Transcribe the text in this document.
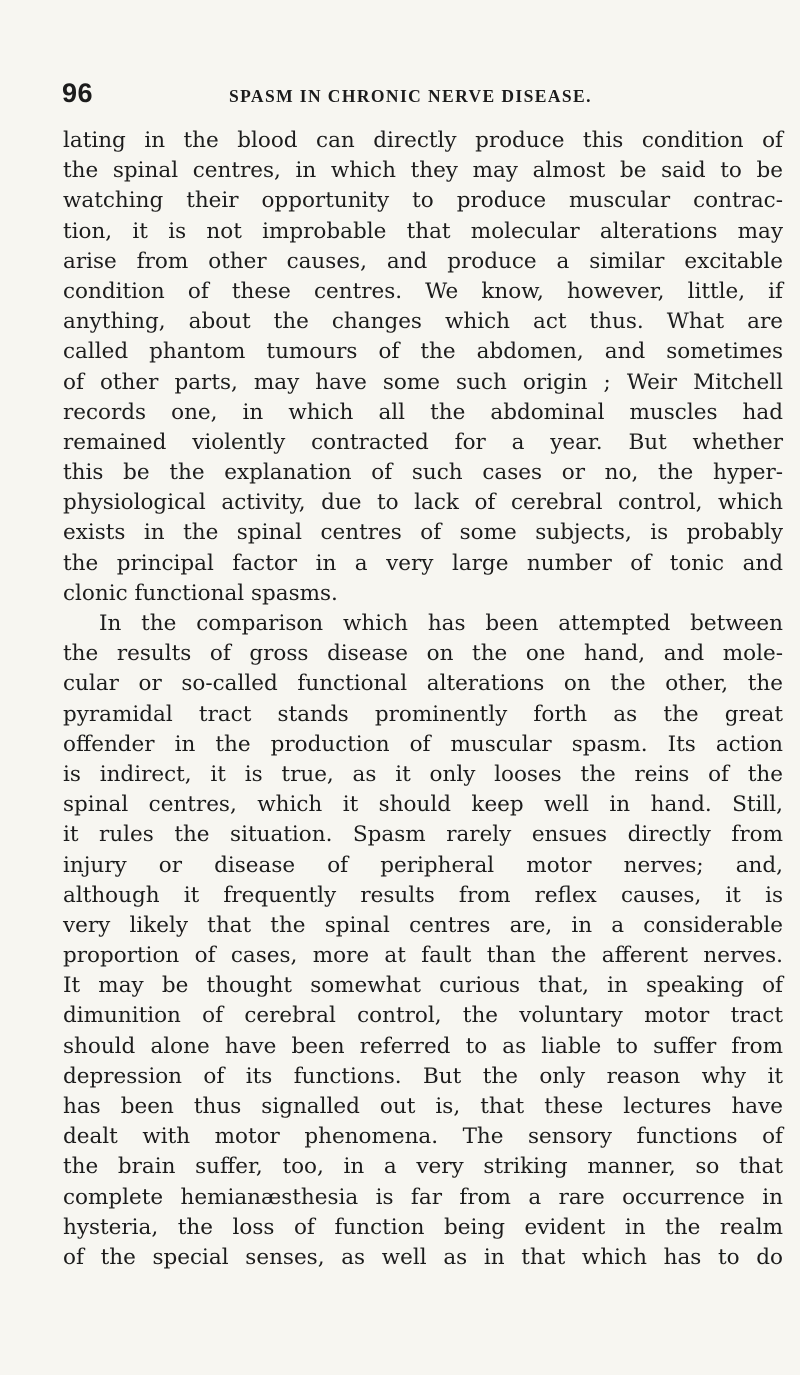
96	SPASM IN CHRONIC NERVE DISEASE.
lating in the blood can directly produce this condition of
the spinal centres, in which they may almost be said to be
watching their opportunity to produce muscular contrac-
tion, it is not improbable that molecular alterations may
arise from other causes, and produce a similar excitable
condition of these centres. We know, however, little, if
anything, about the changes which act thus. What are
called phantom tumours of the abdomen, and sometimes
of other parts, may have some such origin ; Weir Mitchell
records one, in which all the abdominal muscles had
remained violently contracted for a year. But whether
this be the explanation of such cases or no, the hyper-
physiological activity, due to lack of cerebral control, which
exists in the spinal centres of some subjects, is probably
the principal factor in a very large number of tonic and
clonic functional spasms.
In the comparison which has been attempted between
the results of gross disease on the one hand, and mole-
cular or so-called functional alterations on the other, the
pyramidal tract stands prominently forth as the great
offender in the production of muscular spasm. Its action
is indirect, it is true, as it only looses the reins of the
spinal centres, which it should keep well in hand. Still,
it rules the situation. Spasm rarely ensues directly from
injury or disease of peripheral motor nerves; and,
although it frequently results from reflex causes, it is
very likely that the spinal centres are, in a considerable
proportion of cases, more at fault than the afferent nerves.
It may be thought somewhat curious that, in speaking of
dimunition of cerebral control, the voluntary motor tract
should alone have been referred to as liable to suffer from
depression of its functions. But the only reason why it
has been thus signalled out is, that these lectures have
dealt with motor phenomena. The sensory functions of
the brain suffer, too, in a very striking manner, so that
complete hemianæsthesia is far from a rare occurrence in
hysteria, the loss of function being evident in the realm
of the special senses, as well as in that which has to do
